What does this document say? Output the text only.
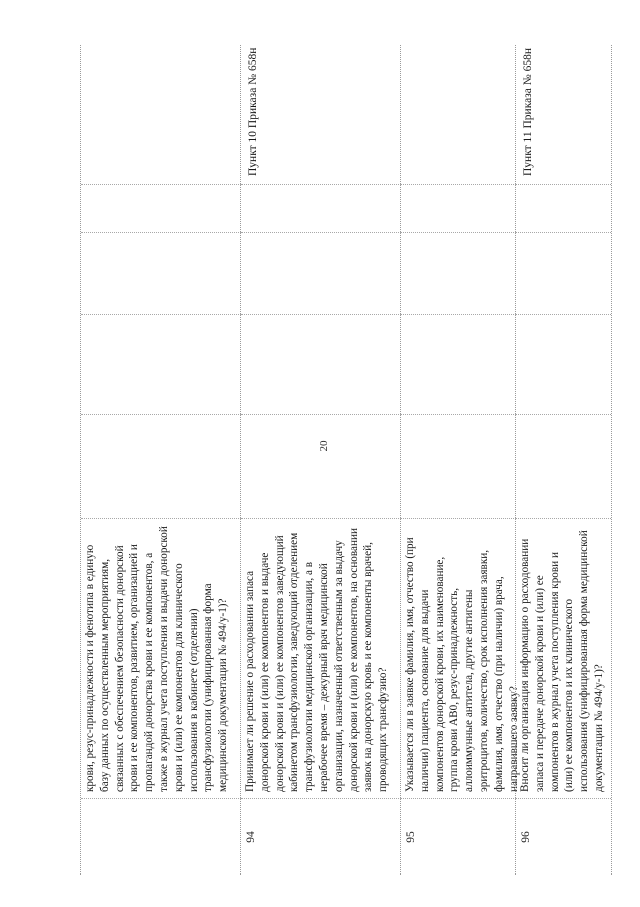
20
крови, резус-принадлежности и фенотипа в единую
базу данных по осуществленным мероприятиям,
связанных с обеспечением безопасности донорской
крови и ее компонентов, развитием, организацией и
пропагандой донорства крови и ее компонентов, а
также в журнал учета поступления и выдачи донорской
крови и (или) ее компонентов для клинического
использования в кабинете (отделении)
трансфузиологии (унифицированная форма
медицинской документации № 494/у-1)?
94
Принимает ли решение о расходовании запаса
донорской крови и (или) ее компонентов и выдаче
донорской крови и (или) ее компонентов заведующий
кабинетом трансфузиологии, заведующий отделением
трансфузиологии медицинской организации, а в
нерабочее время – дежурный врач медицинской
организации, назначенный ответственным за выдачу
донорской крови и (или) ее компонентов, на основании
заявок на донорскую кровь и ее компоненты врачей,
проводящих трансфузию?
Пункт 10 Приказа № 658н
95
Указывается ли в заявке фамилия, имя, отчество (при
наличии) пациента, основание для выдачи
компонентов донорской крови, их наименование,
группа крови АВ0, резус-принадлежность,
аллоиммунные антитела, другие антигены
эритроцитов, количество, срок исполнения заявки,
фамилия, имя, отчество (при наличии) врача,
направившего заявку?
96
Вносит ли организация информацию о расходовании
запаса и передаче донорской крови и (или) ее
компонентов в журнал учета поступления крови и
(или) ее компонентов и их клинического
использования (унифицированная форма медицинской
документации № 494/у-1)?
Пункт 11 Приказа № 658н
